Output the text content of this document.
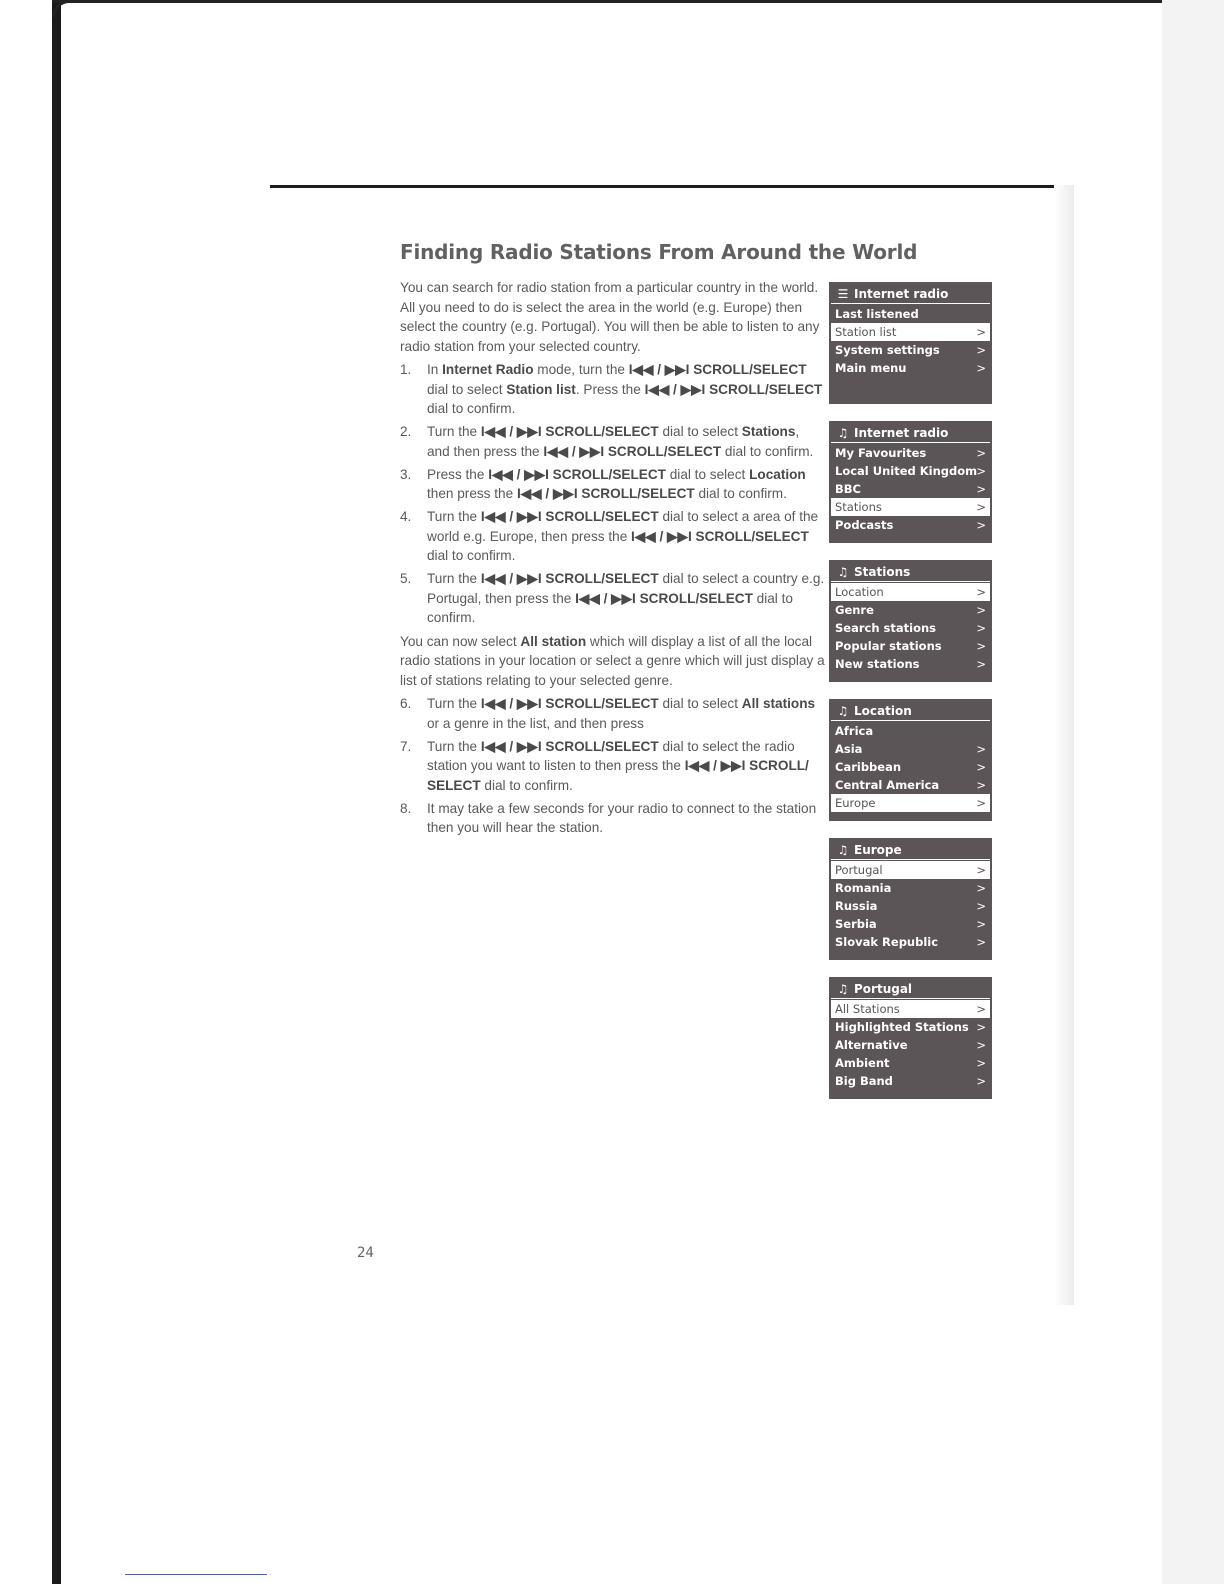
Finding Radio Stations From Around the World

You can search for radio station from a particular country in the world. All you need to do is select the area in the world (e.g. Europe) then select the country (e.g. Portugal). You will then be able to listen to any radio station from your selected country.

1. In Internet Radio mode, turn the I◀◀ / ▶▶I SCROLL/SELECT dial to select Station list. Press the I◀◀ / ▶▶I SCROLL/SELECT dial to confirm.
2. Turn the I◀◀ / ▶▶I SCROLL/SELECT dial to select Stations, and then press the I◀◀ / ▶▶I SCROLL/SELECT dial to confirm.
3. Press the I◀◀ / ▶▶I SCROLL/SELECT dial to select Location then press the I◀◀ / ▶▶I SCROLL/SELECT dial to confirm.
4. Turn the I◀◀ / ▶▶I SCROLL/SELECT dial to select a area of the world e.g. Europe, then press the I◀◀ / ▶▶I SCROLL/SELECT dial to confirm.
5. Turn the I◀◀ / ▶▶I SCROLL/SELECT dial to select a country e.g. Portugal, then press the I◀◀ / ▶▶I SCROLL/SELECT dial to confirm.

You can now select All station which will display a list of all the local radio stations in your location or select a genre which will just display a list of stations relating to your selected genre.

6. Turn the I◀◀ / ▶▶I SCROLL/SELECT dial to select All stations or a genre in the list, and then press
7. Turn the I◀◀ / ▶▶I SCROLL/SELECT dial to select the radio station you want to listen to then press the I◀◀ / ▶▶I SCROLL/ SELECT dial to confirm.
8. It may take a few seconds for your radio to connect to the station then you will hear the station.
☰ Internet radio
Last listened
Station list	>
System settings	>
Main menu	>
♫ Internet radio
My Favourites	>
Local United Kingdom >
BBC	>
Stations	>
Podcasts	>
♫ Stations
Location	>
Genre	>
Search stations	>
Popular stations	>
New stations	>
♫ Location
Africa
Asia	>
Caribbean	>
Central America	>
Europe	>
♫ Europe
Portugal	>
Romania	>
Russia	>
Serbia	>
Slovak Republic	>
♫ Portugal
All Stations	>
Highlighted Stations >
Alternative	>
Ambient	>
Big Band	>
24
